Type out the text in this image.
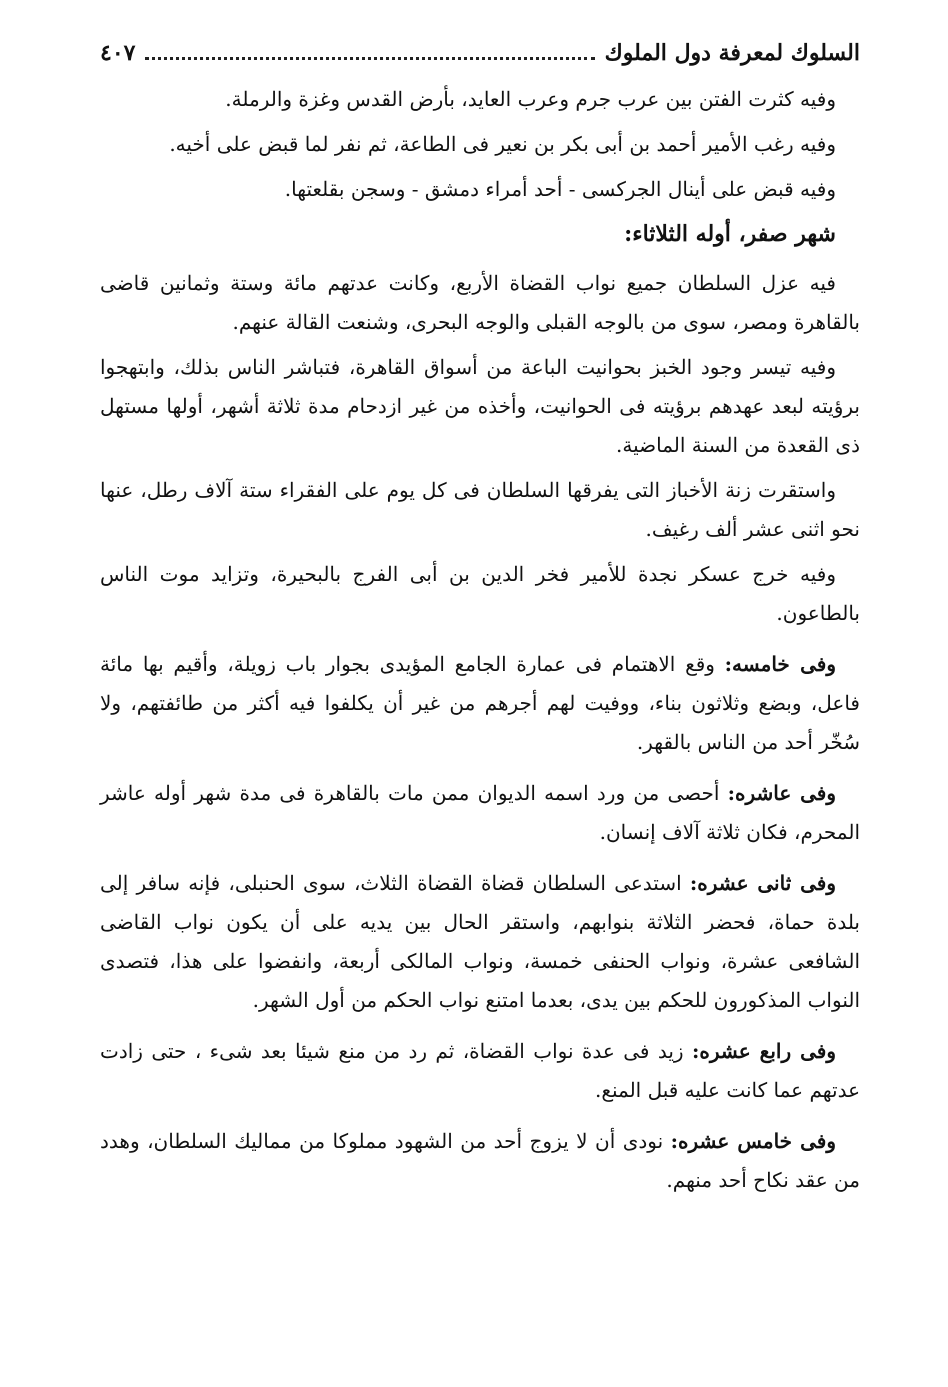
السلوك لمعرفة دول الملوك
٤٠٧

وفيه كثرت الفتن بين عرب جرم وعرب العايد، بأرض القدس وغزة والرملة.

وفيه رغب الأمير أحمد بن أبى بكر بن نعير فى الطاعة، ثم نفر لما قبض على أخيه.

وفيه قبض على أينال الجركسى - أحد أمراء دمشق - وسجن بقلعتها.

شهر صفر، أوله الثلاثاء:

فيه عزل السلطان جميع نواب القضاة الأربع، وكانت عدتهم مائة وستة وثمانين قاضى بالقاهرة ومصر، سوى من بالوجه القبلى والوجه البحرى، وشنعت القالة عنهم.

وفيه تيسر وجود الخبز بحوانيت الباعة من أسواق القاهرة، فتباشر الناس بذلك، وابتهجوا برؤيته لبعد عهدهم برؤيته فى الحوانيت، وأخذه من غير ازدحام مدة ثلاثة أشهر، أولها مستهل ذى القعدة من السنة الماضية.

واستقرت زنة الأخباز التى يفرقها السلطان فى كل يوم على الفقراء ستة آلاف رطل، عنها نحو اثنى عشر ألف رغيف.

وفيه خرج عسكر نجدة للأمير فخر الدين بن أبى الفرج بالبحيرة، وتزايد موت الناس بالطاعون.

وفى خامسه: وقع الاهتمام فى عمارة الجامع المؤيدى بجوار باب زويلة، وأقيم بها مائة فاعل، وبضع وثلاثون بناء، ووفيت لهم أجرهم من غير أن يكلفوا فيه أكثر من طائفتهم، ولا سُخّر أحد من الناس بالقهر.

وفى عاشره: أحصى من ورد اسمه الديوان ممن مات بالقاهرة فى مدة شهر أوله عاشر المحرم، فكان ثلاثة آلاف إنسان.

وفى ثانى عشره: استدعى السلطان قضاة القضاة الثلاث، سوى الحنبلى، فإنه سافر إلى بلدة حماة، فحضر الثلاثة بنوابهم، واستقر الحال بين يديه على أن يكون نواب القاضى الشافعى عشرة، ونواب الحنفى خمسة، ونواب المالكى أربعة، وانفضوا على هذا، فتصدى النواب المذكورون للحكم بين يدى، بعدما امتنع نواب الحكم من أول الشهر.

وفى رابع عشره: زيد فى عدة نواب القضاة، ثم رد من منع شيئا بعد شىء ، حتى زادت عدتهم عما كانت عليه قبل المنع.

وفى خامس عشره: نودى أن لا يزوج أحد من الشهود مملوكا من مماليك السلطان، وهدد من عقد نكاح أحد منهم.
